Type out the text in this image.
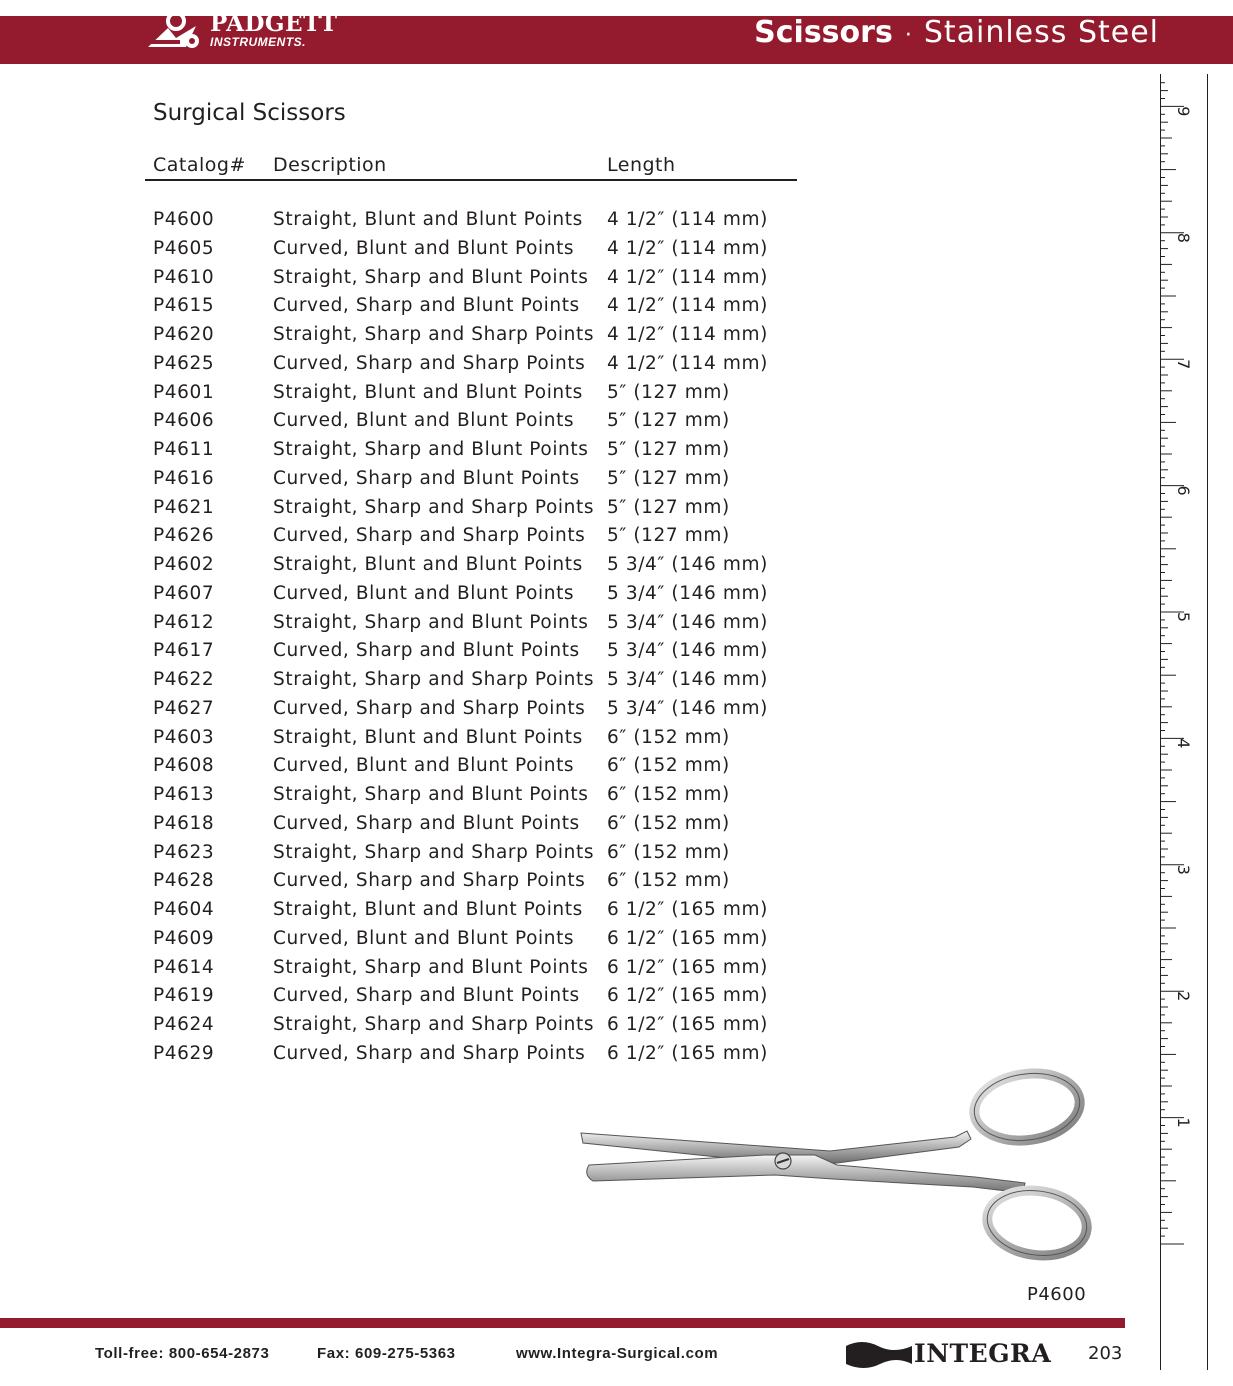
PADGETT
INSTRUMENTS.	Scissors · Stainless Steel
Surgical Scissors
Catalog# Description	Length
P4600	Straight, Blunt and Blunt Points 4 1/2″ (114 mm)
P4605	Curved, Blunt and Blunt Points 4 1/2″ (114 mm)
P4610	Straight, Sharp and Blunt Points 4 1/2″ (114 mm)
P4615	Curved, Sharp and Blunt Points 4 1/2″ (114 mm)
P4620	Straight, Sharp and Sharp Points 4 1/2″ (114 mm)
P4625	Curved, Sharp and Sharp Points 4 1/2″ (114 mm)
P4601	Straight, Blunt and Blunt Points 5″ (127 mm)
P4606	Curved, Blunt and Blunt Points 5″ (127 mm)
P4611	Straight, Sharp and Blunt Points 5″ (127 mm)
P4616	Curved, Sharp and Blunt Points 5″ (127 mm)
P4621	Straight, Sharp and Sharp Points 5″ (127 mm)
P4626	Curved, Sharp and Sharp Points 5″ (127 mm)
P4602	Straight, Blunt and Blunt Points 5 3/4″ (146 mm)
P4607	Curved, Blunt and Blunt Points 5 3/4″ (146 mm)
P4612	Straight, Sharp and Blunt Points 5 3/4″ (146 mm)
P4617	Curved, Sharp and Blunt Points 5 3/4″ (146 mm)
P4622	Straight, Sharp and Sharp Points 5 3/4″ (146 mm)
P4627	Curved, Sharp and Sharp Points 5 3/4″ (146 mm)
P4603	Straight, Blunt and Blunt Points 6″ (152 mm)
P4608	Curved, Blunt and Blunt Points 6″ (152 mm)
P4613	Straight, Sharp and Blunt Points 6″ (152 mm)
P4618	Curved, Sharp and Blunt Points 6″ (152 mm)
P4623	Straight, Sharp and Sharp Points 6″ (152 mm)
P4628	Curved, Sharp and Sharp Points 6″ (152 mm)
P4604	Straight, Blunt and Blunt Points 6 1/2″ (165 mm)
P4609	Curved, Blunt and Blunt Points 6 1/2″ (165 mm)
P4614	Straight, Sharp and Blunt Points 6 1/2″ (165 mm)
P4619	Curved, Sharp and Blunt Points 6 1/2″ (165 mm)
P4624	Straight, Sharp and Sharp Points 6 1/2″ (165 mm)
P4629	Curved, Sharp and Sharp Points 6 1/2″ (165 mm)
P4600
1
2
3
4
5
6
7
8
9
Toll-free: 800-654-2873	Fax: 609-275-5363	www.Integra-Surgical.com	INTEGRA 203
